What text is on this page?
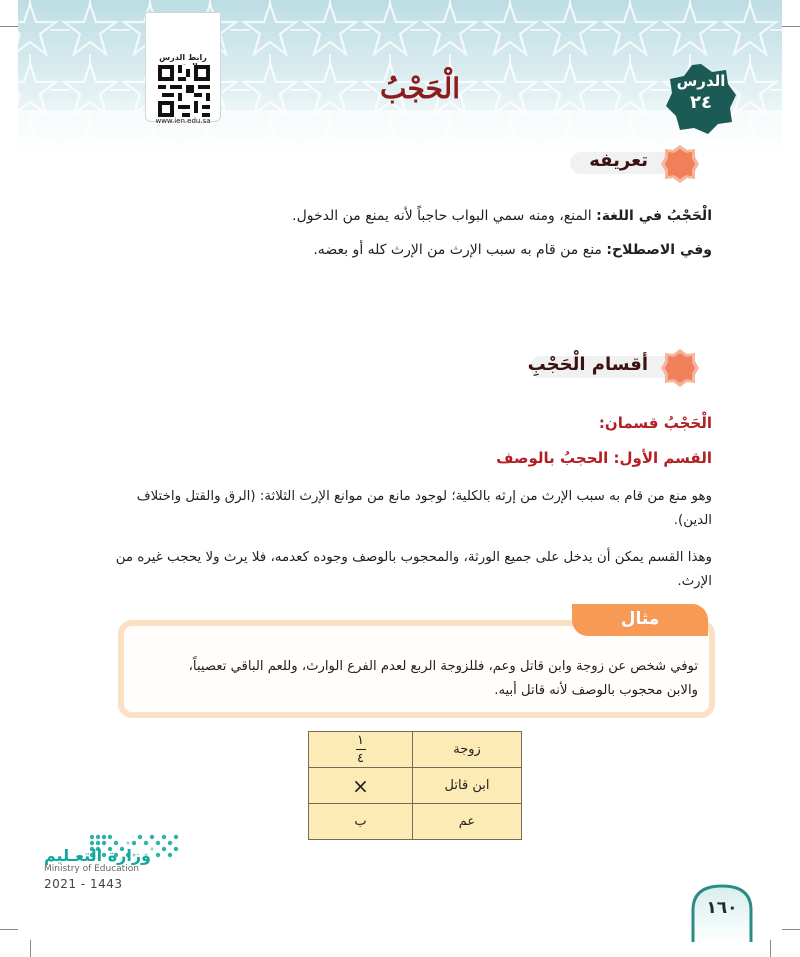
رابط الدرس
www.ien.edu.sa
الْحَجْبُ	الدرس
٢٤
تعريفه

الْحَجْبُ في اللغة: المنع، ومنه سمي البواب حاجباً لأنه يمنع من الدخول.

وفي الاصطلاح: منع من قام به سبب الإرث من الإرث كله أو بعضه.

أقسام الْحَجْبِ

الْحَجْبُ قسمان:

القسم الأول: الحجبُ بالوصف

وهو منع من قام به سبب الإرث من إرثه بالكلية؛ لوجود مانع من موانع الإرث الثلاثة: (الرق والقتل واختلاف

الدين).

وهذا القسم يمكن أن يدخل على جميع الورثة، والمحجوب بالوصف وجوده كعدمه، فلا يرث ولا يحجب غيره من

الإرث.

مثال

توفي شخص عن زوجة وابن قاتل وعم، فللزوجة الربع لعدم الفرع الوارث، وللعم الباقي تعصيباً،

والابن محجوب بالوصف لأنه قاتل أبيه.

$\frac{١}{٤}$	زوجة
×	ابن قاتل
ب	عم
وزارة التعـليم
Ministry of Education
2021 - 1443
١٦٠
